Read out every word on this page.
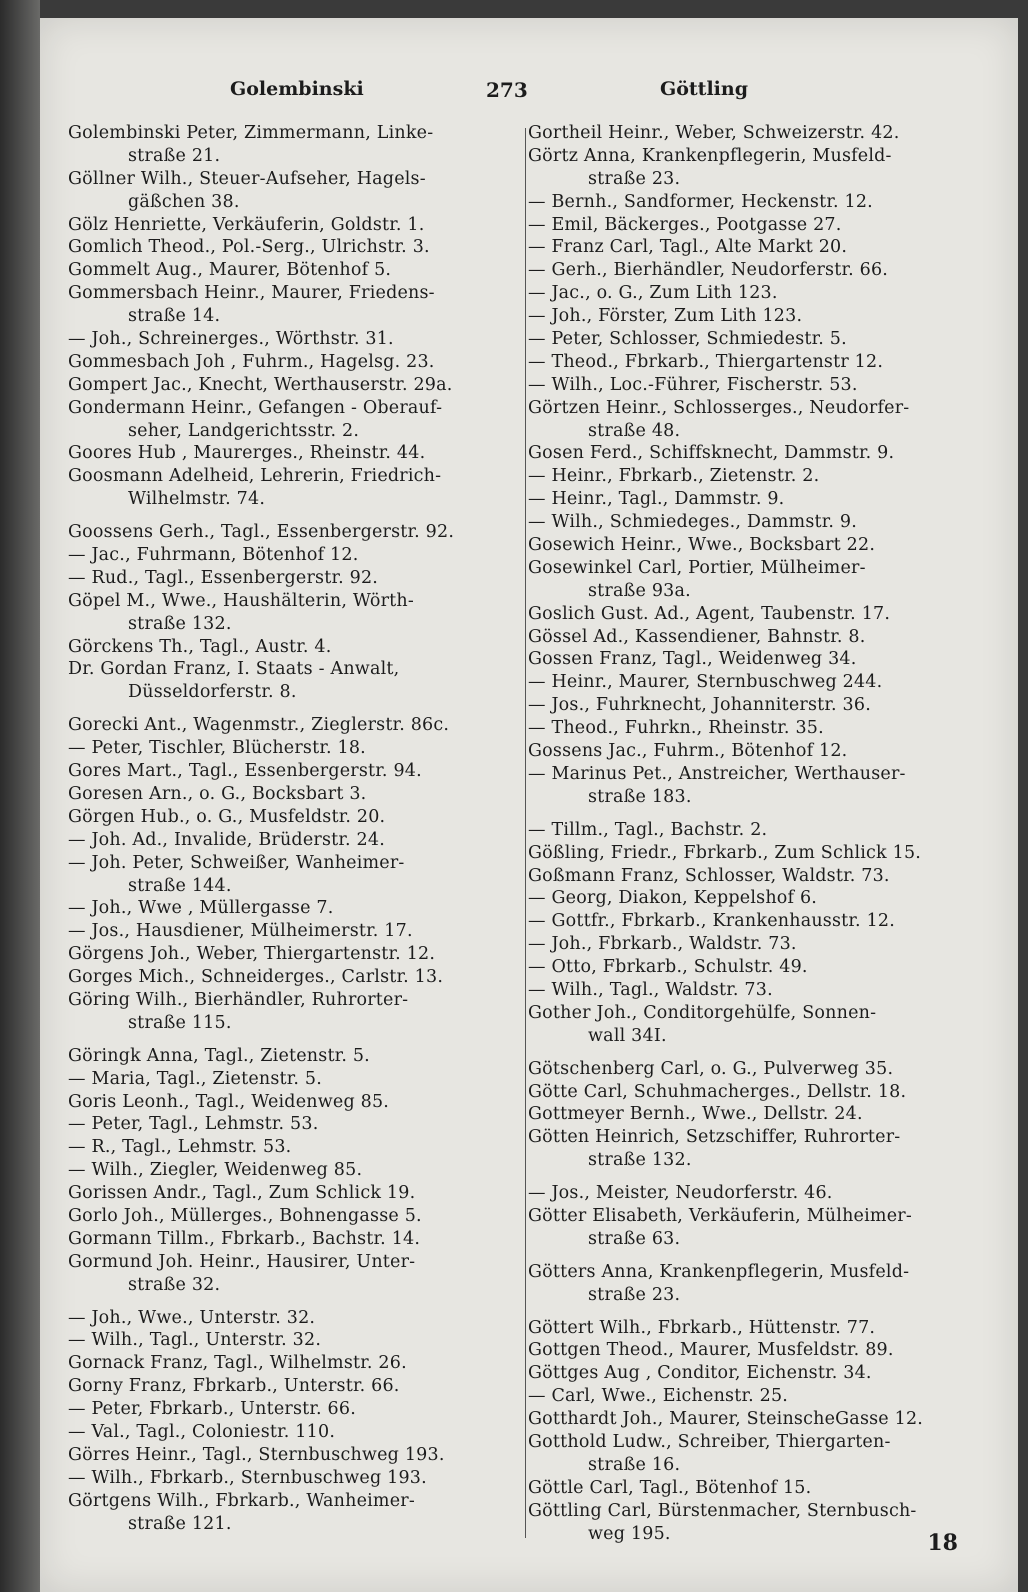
Golembinski	273	Göttling
Golembinski Peter, Zimmermann, Linke-
straße 21.
Göllner Wilh., Steuer-Aufseher, Hagels-
gäßchen 38.
Gölz Henriette, Verkäuferin, Goldstr. 1.
Gomlich Theod., Pol.-Serg., Ulrichstr. 3.
Gommelt Aug., Maurer, Bötenhof 5.
Gommersbach Heinr., Maurer, Friedens-
straße 14.
— Joh., Schreinerges., Wörthstr. 31.
Gommesbach Joh , Fuhrm., Hagelsg. 23.
Gompert Jac., Knecht, Werthauserstr. 29a.
Gondermann Heinr., Gefangen - Oberauf-
seher, Landgerichtsstr. 2.
Goores Hub , Maurerges., Rheinstr. 44.
Goosmann Adelheid, Lehrerin, Friedrich-
Wilhelmstr. 74.
Goossens Gerh., Tagl., Essenbergerstr. 92.
— Jac., Fuhrmann, Bötenhof 12.
— Rud., Tagl., Essenbergerstr. 92.
Göpel M., Wwe., Haushälterin, Wörth-
straße 132.
Görckens Th., Tagl., Austr. 4.
Dr. Gordan Franz, I. Staats - Anwalt,
Düsseldorferstr. 8.
Gorecki Ant., Wagenmstr., Zieglerstr. 86c.
— Peter, Tischler, Blücherstr. 18.
Gores Mart., Tagl., Essenbergerstr. 94.
Goresen Arn., o. G., Bocksbart 3.
Görgen Hub., o. G., Musfeldstr. 20.
— Joh. Ad., Invalide, Brüderstr. 24.
— Joh. Peter, Schweißer, Wanheimer-
straße 144.
— Joh., Wwe , Müllergasse 7.
— Jos., Hausdiener, Mülheimerstr. 17.
Görgens Joh., Weber, Thiergartenstr. 12.
Gorges Mich., Schneiderges., Carlstr. 13.
Göring Wilh., Bierhändler, Ruhrorter-
straße 115.
Göringk Anna, Tagl., Zietenstr. 5.
— Maria, Tagl., Zietenstr. 5.
Goris Leonh., Tagl., Weidenweg 85.
— Peter, Tagl., Lehmstr. 53.
— R., Tagl., Lehmstr. 53.
— Wilh., Ziegler, Weidenweg 85.
Gorissen Andr., Tagl., Zum Schlick 19.
Gorlo Joh., Müllerges., Bohnengasse 5.
Gormann Tillm., Fbrkarb., Bachstr. 14.
Gormund Joh. Heinr., Hausirer, Unter-
straße 32.
— Joh., Wwe., Unterstr. 32.
— Wilh., Tagl., Unterstr. 32.
Gornack Franz, Tagl., Wilhelmstr. 26.
Gorny Franz, Fbrkarb., Unterstr. 66.
— Peter, Fbrkarb., Unterstr. 66.
— Val., Tagl., Coloniestr. 110.
Görres Heinr., Tagl., Sternbuschweg 193.
— Wilh., Fbrkarb., Sternbuschweg 193.
Görtgens Wilh., Fbrkarb., Wanheimer-
straße 121.
Gortheil Heinr., Weber, Schweizerstr. 42.
Görtz Anna, Krankenpflegerin, Musfeld-
straße 23.
— Bernh., Sandformer, Heckenstr. 12.
— Emil, Bäckerges., Pootgasse 27.
— Franz Carl, Tagl., Alte Markt 20.
— Gerh., Bierhändler, Neudorferstr. 66.
— Jac., o. G., Zum Lith 123.
— Joh., Förster, Zum Lith 123.
— Peter, Schlosser, Schmiedestr. 5.
— Theod., Fbrkarb., Thiergartenstr 12.
— Wilh., Loc.-Führer, Fischerstr. 53.
Görtzen Heinr., Schlosserges., Neudorfer-
straße 48.
Gosen Ferd., Schiffsknecht, Dammstr. 9.
— Heinr., Fbrkarb., Zietenstr. 2.
— Heinr., Tagl., Dammstr. 9.
— Wilh., Schmiedeges., Dammstr. 9.
Gosewich Heinr., Wwe., Bocksbart 22.
Gosewinkel Carl, Portier, Mülheimer-
straße 93a.
Goslich Gust. Ad., Agent, Taubenstr. 17.
Gössel Ad., Kassendiener, Bahnstr. 8.
Gossen Franz, Tagl., Weidenweg 34.
— Heinr., Maurer, Sternbuschweg 244.
— Jos., Fuhrknecht, Johanniterstr. 36.
— Theod., Fuhrkn., Rheinstr. 35.
Gossens Jac., Fuhrm., Bötenhof 12.
— Marinus Pet., Anstreicher, Werthauser-
straße 183.
— Tillm., Tagl., Bachstr. 2.
Gößling, Friedr., Fbrkarb., Zum Schlick 15.
Goßmann Franz, Schlosser, Waldstr. 73.
— Georg, Diakon, Keppelshof 6.
— Gottfr., Fbrkarb., Krankenhausstr. 12.
— Joh., Fbrkarb., Waldstr. 73.
— Otto, Fbrkarb., Schulstr. 49.
— Wilh., Tagl., Waldstr. 73.
Gother Joh., Conditorgehülfe, Sonnen-
wall 34I.
Götschenberg Carl, o. G., Pulverweg 35.
Götte Carl, Schuhmacherges., Dellstr. 18.
Gottmeyer Bernh., Wwe., Dellstr. 24.
Götten Heinrich, Setzschiffer, Ruhrorter-
straße 132.
— Jos., Meister, Neudorferstr. 46.
Götter Elisabeth, Verkäuferin, Mülheimer-
straße 63.
Götters Anna, Krankenpflegerin, Musfeld-
straße 23.
Göttert Wilh., Fbrkarb., Hüttenstr. 77.
Gottgen Theod., Maurer, Musfeldstr. 89.
Göttges Aug , Conditor, Eichenstr. 34.
— Carl, Wwe., Eichenstr. 25.
Gotthardt Joh., Maurer, SteinscheGasse 12.
Gotthold Ludw., Schreiber, Thiergarten-
straße 16.
Göttle Carl, Tagl., Bötenhof 15.
Göttling Carl, Bürstenmacher, Sternbusch-
weg 195.	18
